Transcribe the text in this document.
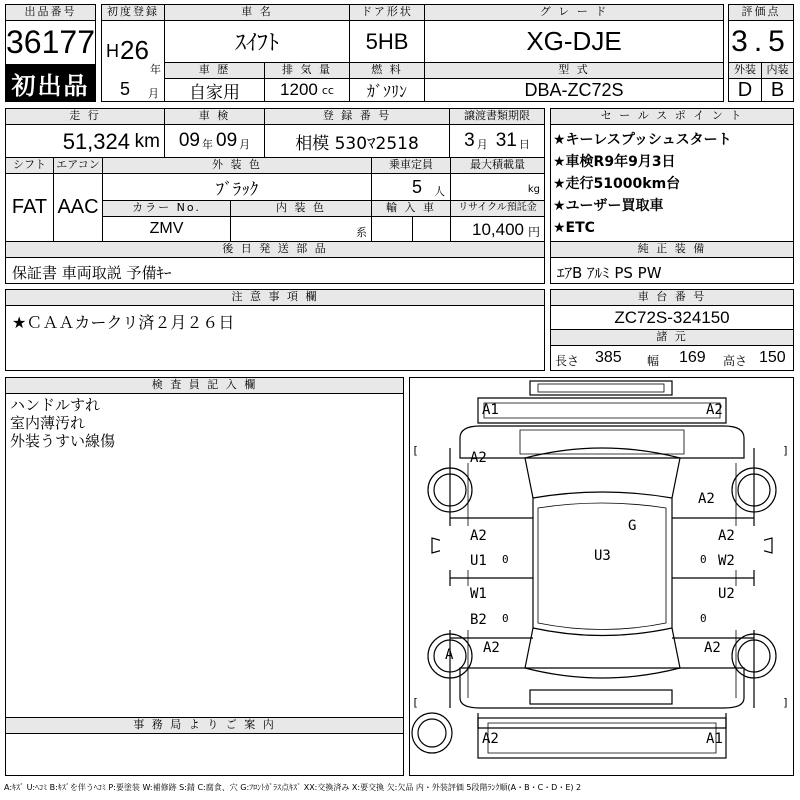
出品番号
36177
初出品
初度登録
H 26
年
5 月
車 名
ｽｲﾌﾄ
ドア形状
5HB
グ レ ー ド
XG-DJE
評価点
3.5
車 歴
自家用
排 気 量
1200 cc
燃 料
ｶﾞｿﾘﾝ
型 式
DBA-ZC72S
外装 内装
D B
走 行
51,324 km
車 検
09 年 09 月
登 録 番 号
相模 530ﾏ2518
譲渡書類期限
3 月 31 日
シフト エアコン
FAT AAC
外 装 色
ﾌﾞﾗｯｸ
乗車定員
5 人
最大積載量
kg
カラー No.
ZMV
内 装 色
系
輸 入 車	リサイクル預託金
10,400 円
セ ー ル ス ポ イ ン ト
★キーレスプッシュスタート
★車検R9年9月3日
★走行51000km台
★ユーザー買取車
★ETC
後 日 発 送 部 品
保証書 車両取説 予備ｷｰ
純 正 装 備
ｴｱB ｱﾙﾐ PS PW
注 意 事 項 欄
★ＣＡＡカークリ済２月２６日
車 台 番 号
ZC72S-324150
諸 元
長さ 385 幅 169 高さ 150
検 査 員 記 入 欄
ハンドルすれ
室内薄汚れ
外装うすい線傷
事 務 局 よ り ご 案 内
[
[
]
]
A1	A2
A2
A2
G
A2
U1 0	U3
A2
0 W2
W1	U2
B2 0	0
A2
A	A2
A2	A1
A:ｷｽﾞ U:ﾍｺﾐ B:ｷｽﾞを伴うﾍｺﾐ P:要塗装 W:補修跡 S:錆 C:腐食、穴 G:ﾌﾛﾝﾄｶﾞﾗｽ点ｷｽﾞ XX:交換済み X:要交換 欠:欠品 内・外装評価 5段階ﾗﾝｸ順(A・B・C・D・E) 2
